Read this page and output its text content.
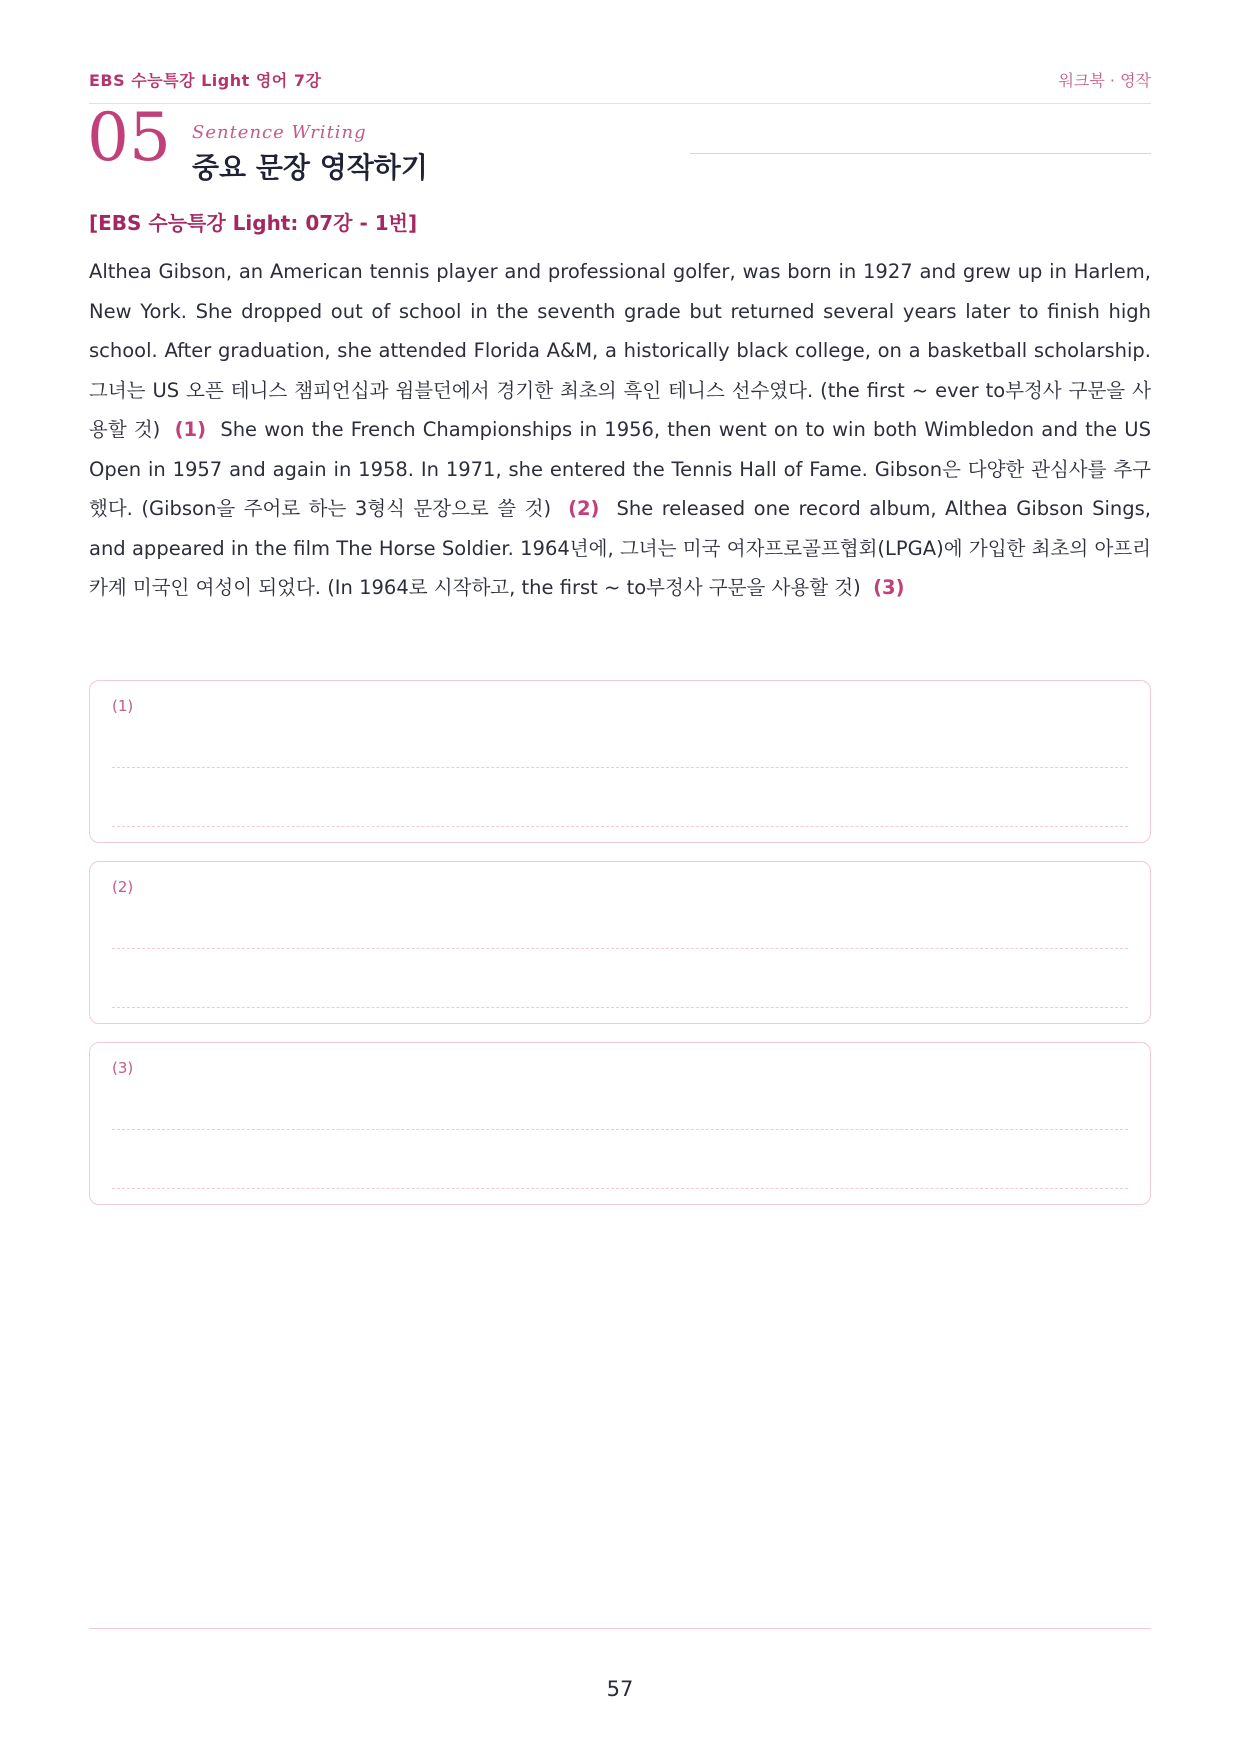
EBS 수능특강 Light 영어 7강	워크북 · 영작
05 Sentence Writing
중요 문장 영작하기
[EBS 수능특강 Light: 07강 - 1번]

Althea Gibson, an American tennis player and professional golfer, was born in 1927 and grew up in Harlem, New York. She dropped out of school in the seventh grade but returned several years later to finish high school. After graduation, she attended Florida A&M, a historically black college, on a basketball scholarship. 그녀는 US 오픈 테니스 챔피언십과 윔블던에서 경기한 최초의 흑인 테니스 선수였다. (the first ~ ever to부정사 구문을 사용할 것) (1) She won the French Championships in 1956, then went on to win both Wimbledon and the US Open in 1957 and again in 1958. In 1971, she entered the Tennis Hall of Fame. Gibson은 다양한 관심사를 추구했다. (Gibson을 주어로 하는 3형식 문장으로 쓸 것) (2) She released one record album, Althea Gibson Sings, and appeared in the film The Horse Soldier. 1964년에, 그녀는 미국 여자프로골프협회(LPGA)에 가입한 최초의 아프리카계 미국인 여성이 되었다. (In 1964로 시작하고, the first ~ to부정사 구문을 사용할 것) (3)

(1)
(2)
(3)
57
